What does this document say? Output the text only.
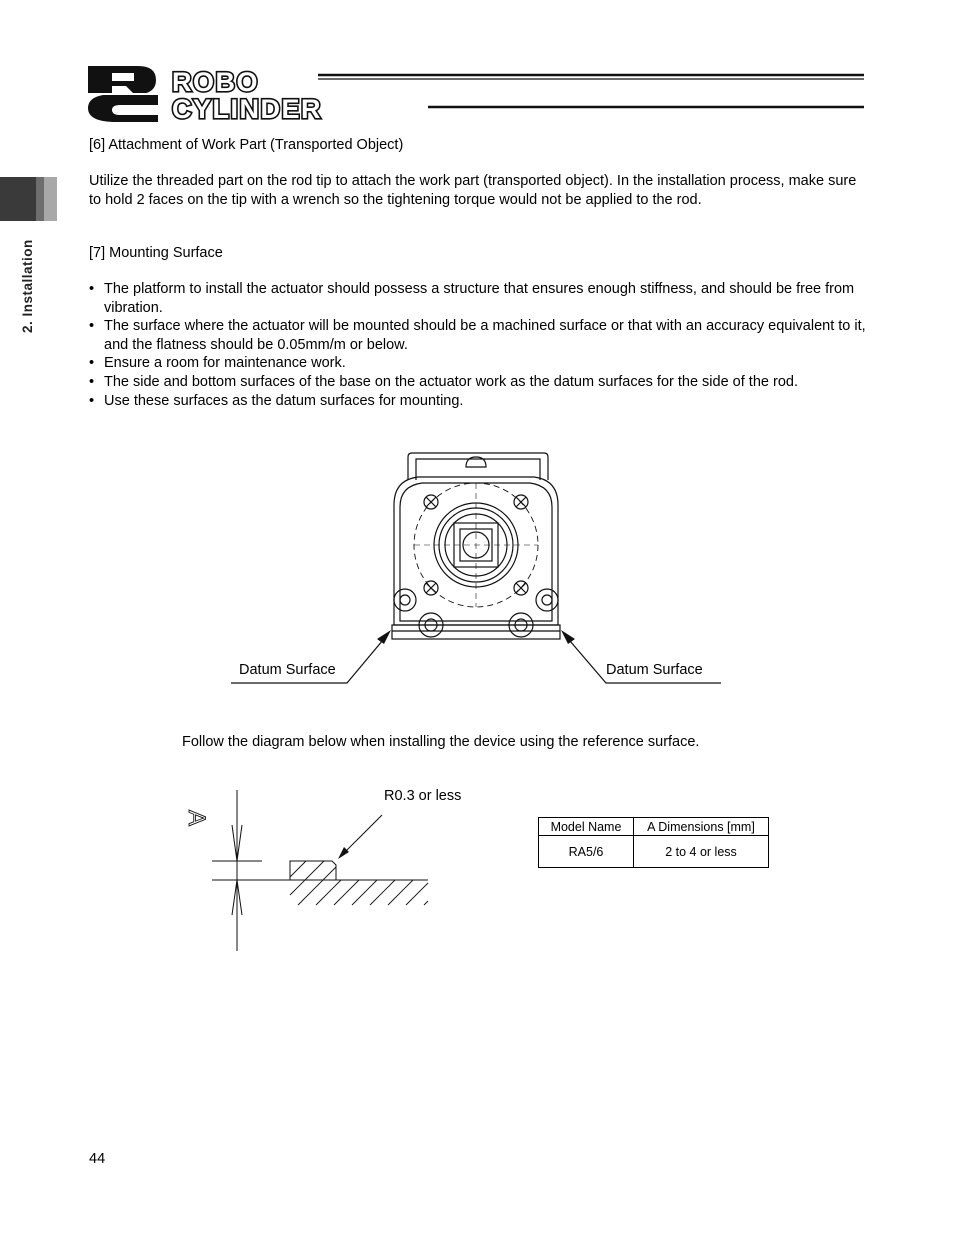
ROBO
CYLINDER
2. Installation
[6] Attachment of Work Part (Transported Object)
Utilize the threaded part on the rod tip to attach the work part (transported object). In the installation process, make sure to hold 2 faces on the tip with a wrench so the tightening torque would not be applied to the rod.
[7] Mounting Surface
• The platform to install the actuator should possess a structure that ensures enough stiffness, and should be free from vibration.
• The surface where the actuator will be mounted should be a machined surface or that with an accuracy equivalent to it, and the flatness should be 0.05mm/m or below.
• Ensure a room for maintenance work.
• The side and bottom surfaces of the base on the actuator work as the datum surfaces for the side of the rod.
• Use these surfaces as the datum surfaces for mounting.
Datum Surface	Datum Surface
Follow the diagram below when installing the device using the reference surface.
A
R0.3 or less
Model Name	A Dimensions [mm]
RA5/6	2 to 4 or less
44
